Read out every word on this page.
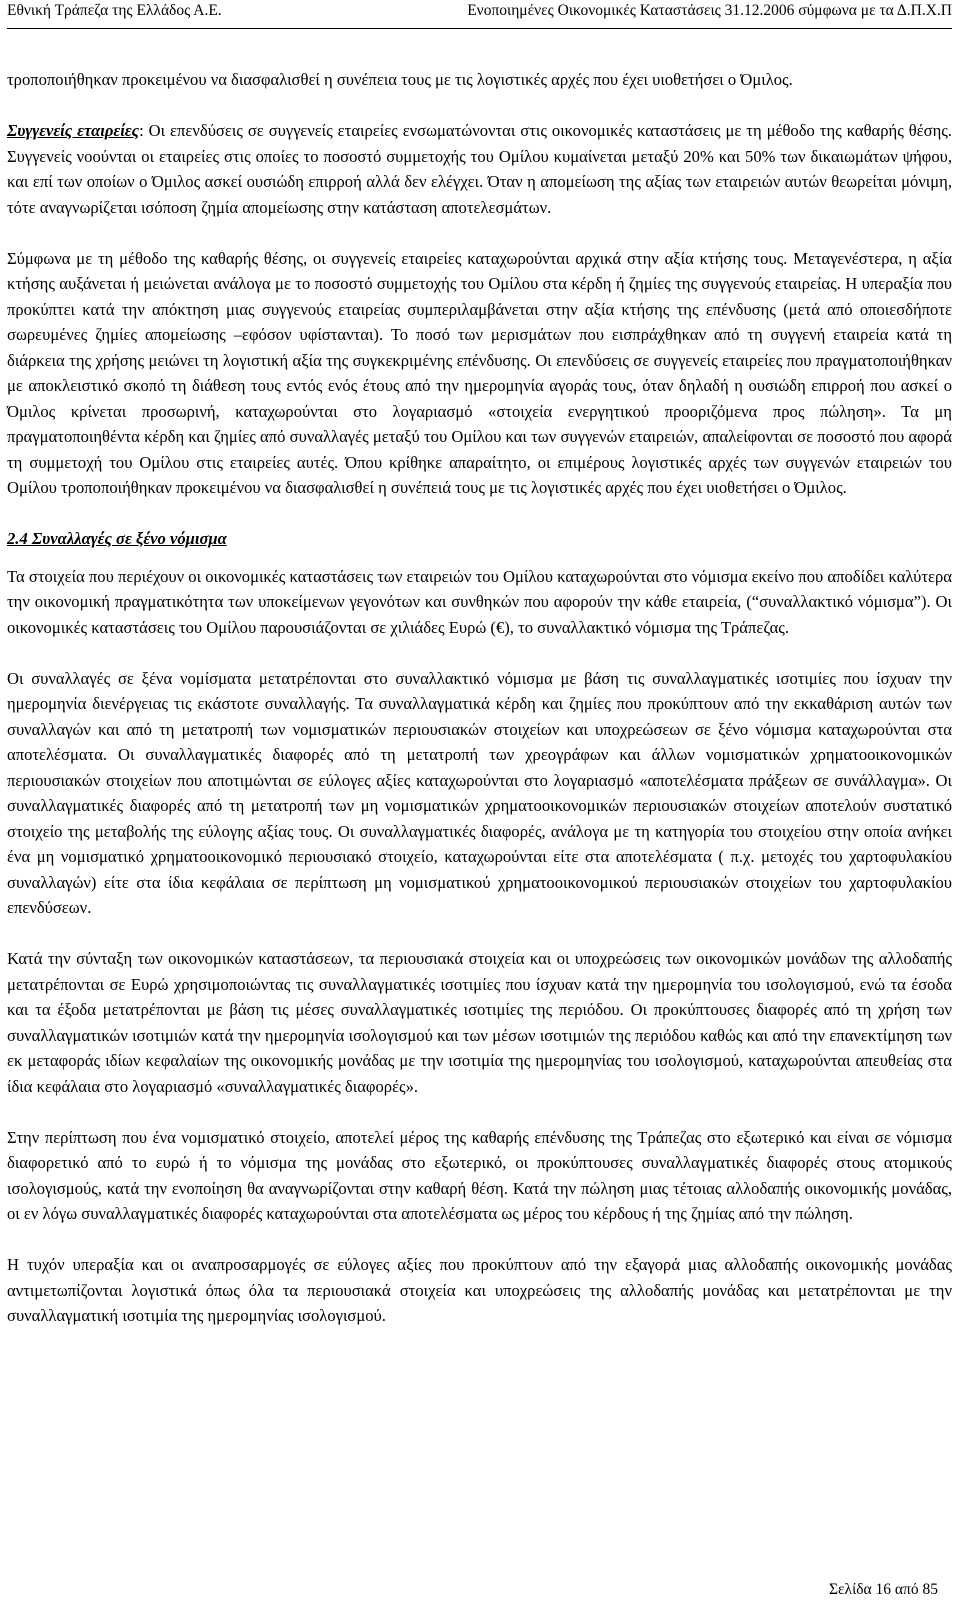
Εθνική Τράπεζα της Ελλάδος Α.Ε.	Ενοποιημένες Οικονομικές Καταστάσεις 31.12.2006 σύμφωνα με τα Δ.Π.Χ.Π

τροποποιήθηκαν προκειμένου να διασφαλισθεί η συνέπεια τους με τις λογιστικές αρχές που έχει υιοθετήσει ο Όμιλος.

Συγγενείς εταιρείες: Οι επενδύσεις σε συγγενείς εταιρείες ενσωματώνονται στις οικονομικές καταστάσεις με τη μέθοδο της καθαρής θέσης. Συγγενείς νοούνται οι εταιρείες στις οποίες το ποσοστό συμμετοχής του Ομίλου κυμαίνεται μεταξύ 20% και 50% των δικαιωμάτων ψήφου, και επί των οποίων ο Όμιλος ασκεί ουσιώδη επιρροή αλλά δεν ελέγχει. Όταν η απομείωση της αξίας των εταιρειών αυτών θεωρείται μόνιμη, τότε αναγνωρίζεται ισόποση ζημία απομείωσης στην κατάσταση αποτελεσμάτων.

Σύμφωνα με τη μέθοδο της καθαρής θέσης, οι συγγενείς εταιρείες καταχωρούνται αρχικά στην αξία κτήσης τους. Μεταγενέστερα, η αξία κτήσης αυξάνεται ή μειώνεται ανάλογα με το ποσοστό συμμετοχής του Ομίλου στα κέρδη ή ζημίες της συγγενούς εταιρείας. Η υπεραξία που προκύπτει κατά την απόκτηση μιας συγγενούς εταιρείας συμπεριλαμβάνεται στην αξία κτήσης της επένδυσης (μετά από οποιεσδήποτε σωρευμένες ζημίες απομείωσης –εφόσον υφίστανται). Το ποσό των μερισμάτων που εισπράχθηκαν από τη συγγενή εταιρεία κατά τη διάρκεια της χρήσης μειώνει τη λογιστική αξία της συγκεκριμένης επένδυσης. Οι επενδύσεις σε συγγενείς εταιρείες που πραγματοποιήθηκαν με αποκλειστικό σκοπό τη διάθεση τους εντός ενός έτους από την ημερομηνία αγοράς τους, όταν δηλαδή η ουσιώδη επιρροή που ασκεί ο Όμιλος κρίνεται προσωρινή, καταχωρούνται στο λογαριασμό «στοιχεία ενεργητικού προοριζόμενα προς πώληση». Τα μη πραγματοποιηθέντα κέρδη και ζημίες από συναλλαγές μεταξύ του Ομίλου και των συγγενών εταιρειών, απαλείφονται σε ποσοστό που αφορά τη συμμετοχή του Ομίλου στις εταιρείες αυτές. Όπου κρίθηκε απαραίτητο, οι επιμέρους λογιστικές αρχές των συγγενών εταιρειών του Ομίλου τροποποιήθηκαν προκειμένου να διασφαλισθεί η συνέπειά τους με τις λογιστικές αρχές που έχει υιοθετήσει ο Όμιλος.

2.4 Συναλλαγές σε ξένο νόμισμα

Τα στοιχεία που περιέχουν οι οικονομικές καταστάσεις των εταιρειών του Ομίλου καταχωρούνται στο νόμισμα εκείνο που αποδίδει καλύτερα την οικονομική πραγματικότητα των υποκείμενων γεγονότων και συνθηκών που αφορούν την κάθε εταιρεία, (“συναλλακτικό νόμισμα”). Οι οικονομικές καταστάσεις του Ομίλου παρουσιάζονται σε χιλιάδες Ευρώ (€), το συναλλακτικό νόμισμα της Τράπεζας.

Οι συναλλαγές σε ξένα νομίσματα μετατρέπονται στο συναλλακτικό νόμισμα με βάση τις συναλλαγματικές ισοτιμίες που ίσχυαν την ημερομηνία διενέργειας τις εκάστοτε συναλλαγής. Τα συναλλαγματικά κέρδη και ζημίες που προκύπτουν από την εκκαθάριση αυτών των συναλλαγών και από τη μετατροπή των νομισματικών περιουσιακών στοιχείων και υποχρεώσεων σε ξένο νόμισμα καταχωρούνται στα αποτελέσματα. Οι συναλλαγματικές διαφορές από τη μετατροπή των χρεογράφων και άλλων νομισματικών χρηματοοικονομικών περιουσιακών στοιχείων που αποτιμώνται σε εύλογες αξίες καταχωρούνται στο λογαριασμό «αποτελέσματα πράξεων σε συνάλλαγμα». Οι συναλλαγματικές διαφορές από τη μετατροπή των μη νομισματικών χρηματοοικονομικών περιουσιακών στοιχείων αποτελούν συστατικό στοιχείο της μεταβολής της εύλογης αξίας τους. Οι συναλλαγματικές διαφορές, ανάλογα με τη κατηγορία του στοιχείου στην οποία ανήκει ένα μη νομισματικό χρηματοοικονομικό περιουσιακό στοιχείο, καταχωρούνται είτε στα αποτελέσματα ( π.χ. μετοχές του χαρτοφυλακίου συναλλαγών) είτε στα ίδια κεφάλαια σε περίπτωση μη νομισματικού χρηματοοικονομικού περιουσιακών στοιχείων του χαρτοφυλακίου επενδύσεων.

Κατά την σύνταξη των οικονομικών καταστάσεων, τα περιουσιακά στοιχεία και οι υποχρεώσεις των οικονομικών μονάδων της αλλοδαπής μετατρέπονται σε Ευρώ χρησιμοποιώντας τις συναλλαγματικές ισοτιμίες που ίσχυαν κατά την ημερομηνία του ισολογισμού, ενώ τα έσοδα και τα έξοδα μετατρέπονται με βάση τις μέσες συναλλαγματικές ισοτιμίες της περιόδου. Οι προκύπτουσες διαφορές από τη χρήση των συναλλαγματικών ισοτιμιών κατά την ημερομηνία ισολογισμού και των μέσων ισοτιμιών της περιόδου καθώς και από την επανεκτίμηση των εκ μεταφοράς ιδίων κεφαλαίων της οικονομικής μονάδας με την ισοτιμία της ημερομηνίας του ισολογισμού, καταχωρούνται απευθείας στα ίδια κεφάλαια στο λογαριασμό «συναλλαγματικές διαφορές».

Στην περίπτωση που ένα νομισματικό στοιχείο, αποτελεί μέρος της καθαρής επένδυσης της Τράπεζας στο εξωτερικό και είναι σε νόμισμα διαφορετικό από το ευρώ ή το νόμισμα της μονάδας στο εξωτερικό, οι προκύπτουσες συναλλαγματικές διαφορές στους ατομικούς ισολογισμούς, κατά την ενοποίηση θα αναγνωρίζονται στην καθαρή θέση. Κατά την πώληση μιας τέτοιας αλλοδαπής οικονομικής μονάδας, οι εν λόγω συναλλαγματικές διαφορές καταχωρούνται στα αποτελέσματα ως μέρος του κέρδους ή της ζημίας από την πώληση.

Η τυχόν υπεραξία και οι αναπροσαρμογές σε εύλογες αξίες που προκύπτουν από την εξαγορά μιας αλλοδαπής οικονομικής μονάδας αντιμετωπίζονται λογιστικά όπως όλα τα περιουσιακά στοιχεία και υποχρεώσεις της αλλοδαπής μονάδας και μετατρέπονται με την συναλλαγματική ισοτιμία της ημερομηνίας ισολογισμού.

Σελίδα 16 από 85
